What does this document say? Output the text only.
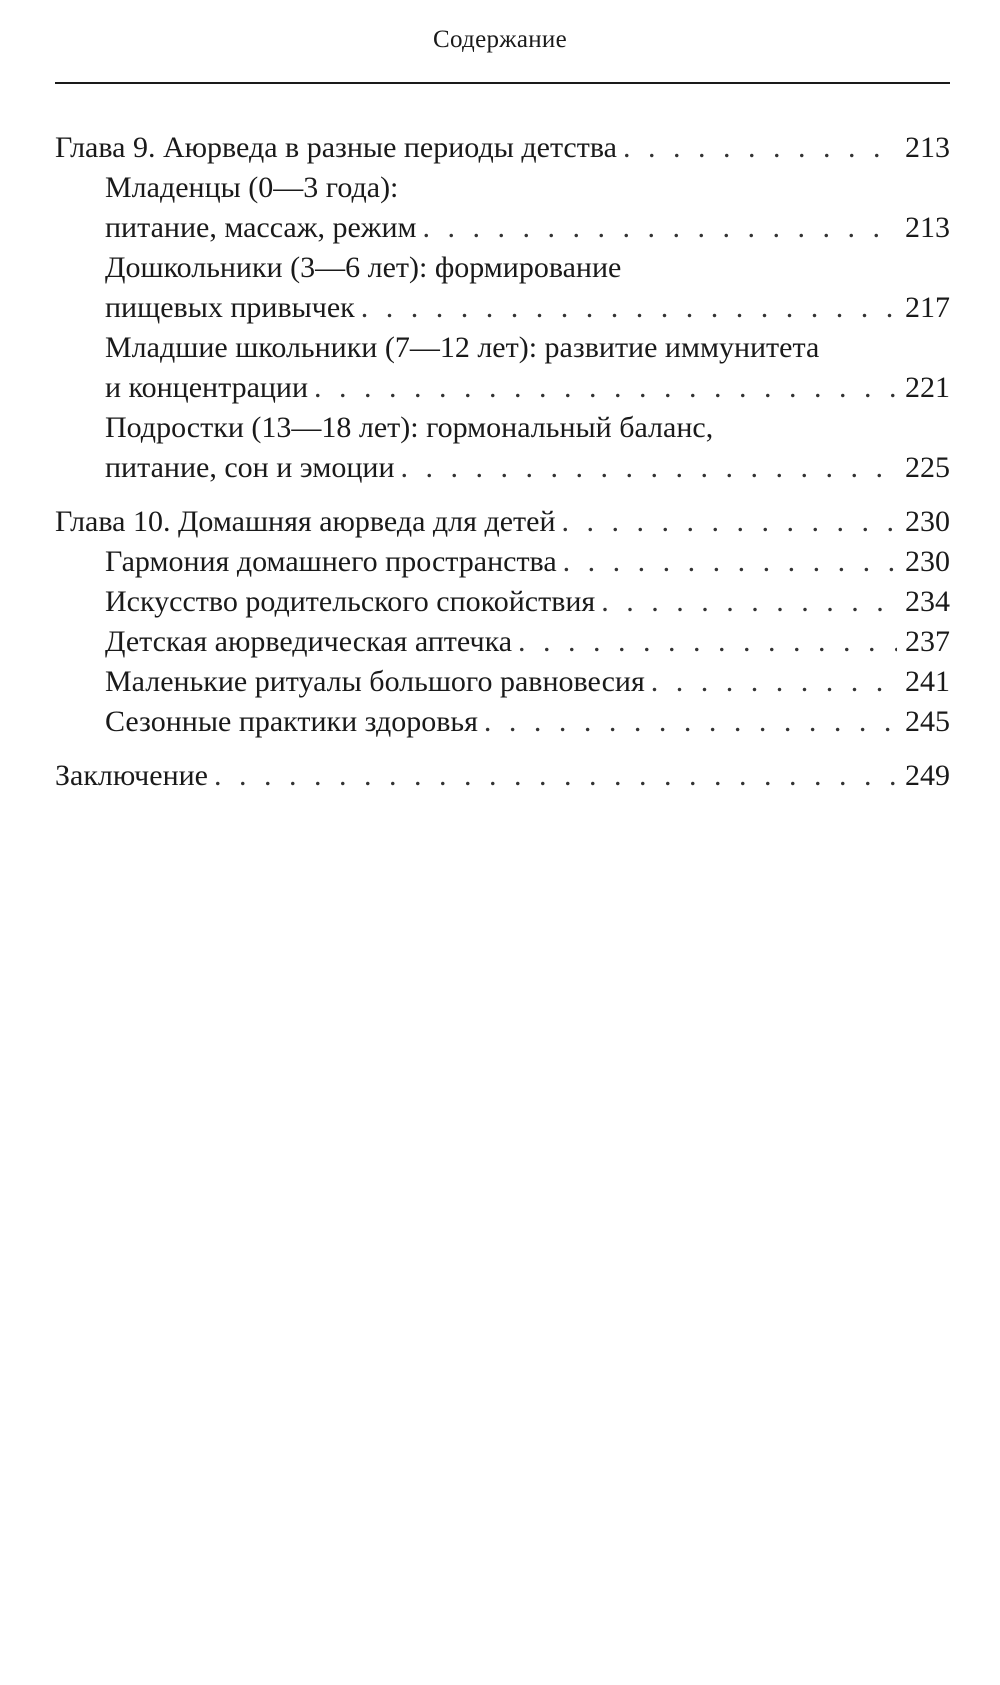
Содержание
Глава 9. Аюрведа в разные периоды детства . . .	213
Младенцы (0—3 года):
питание, массаж, режим . . .	213
Дошкольники (3—6 лет): формирование
пищевых привычек . . .	217
Младшие школьники (7—12 лет): развитие иммунитета
и концентрации . . .	221
Подростки (13—18 лет): гормональный баланс,
питание, сон и эмоции . . .	225
Глава 10. Домашняя аюрведа для детей . . .	230
Гармония домашнего пространства . . .	230
Искусство родительского спокойствия . . .	234
Детская аюрведическая аптечка . . .	237
Маленькие ритуалы большого равновесия . . .	241
Сезонные практики здоровья . . .	245
Заключение . . .	249
